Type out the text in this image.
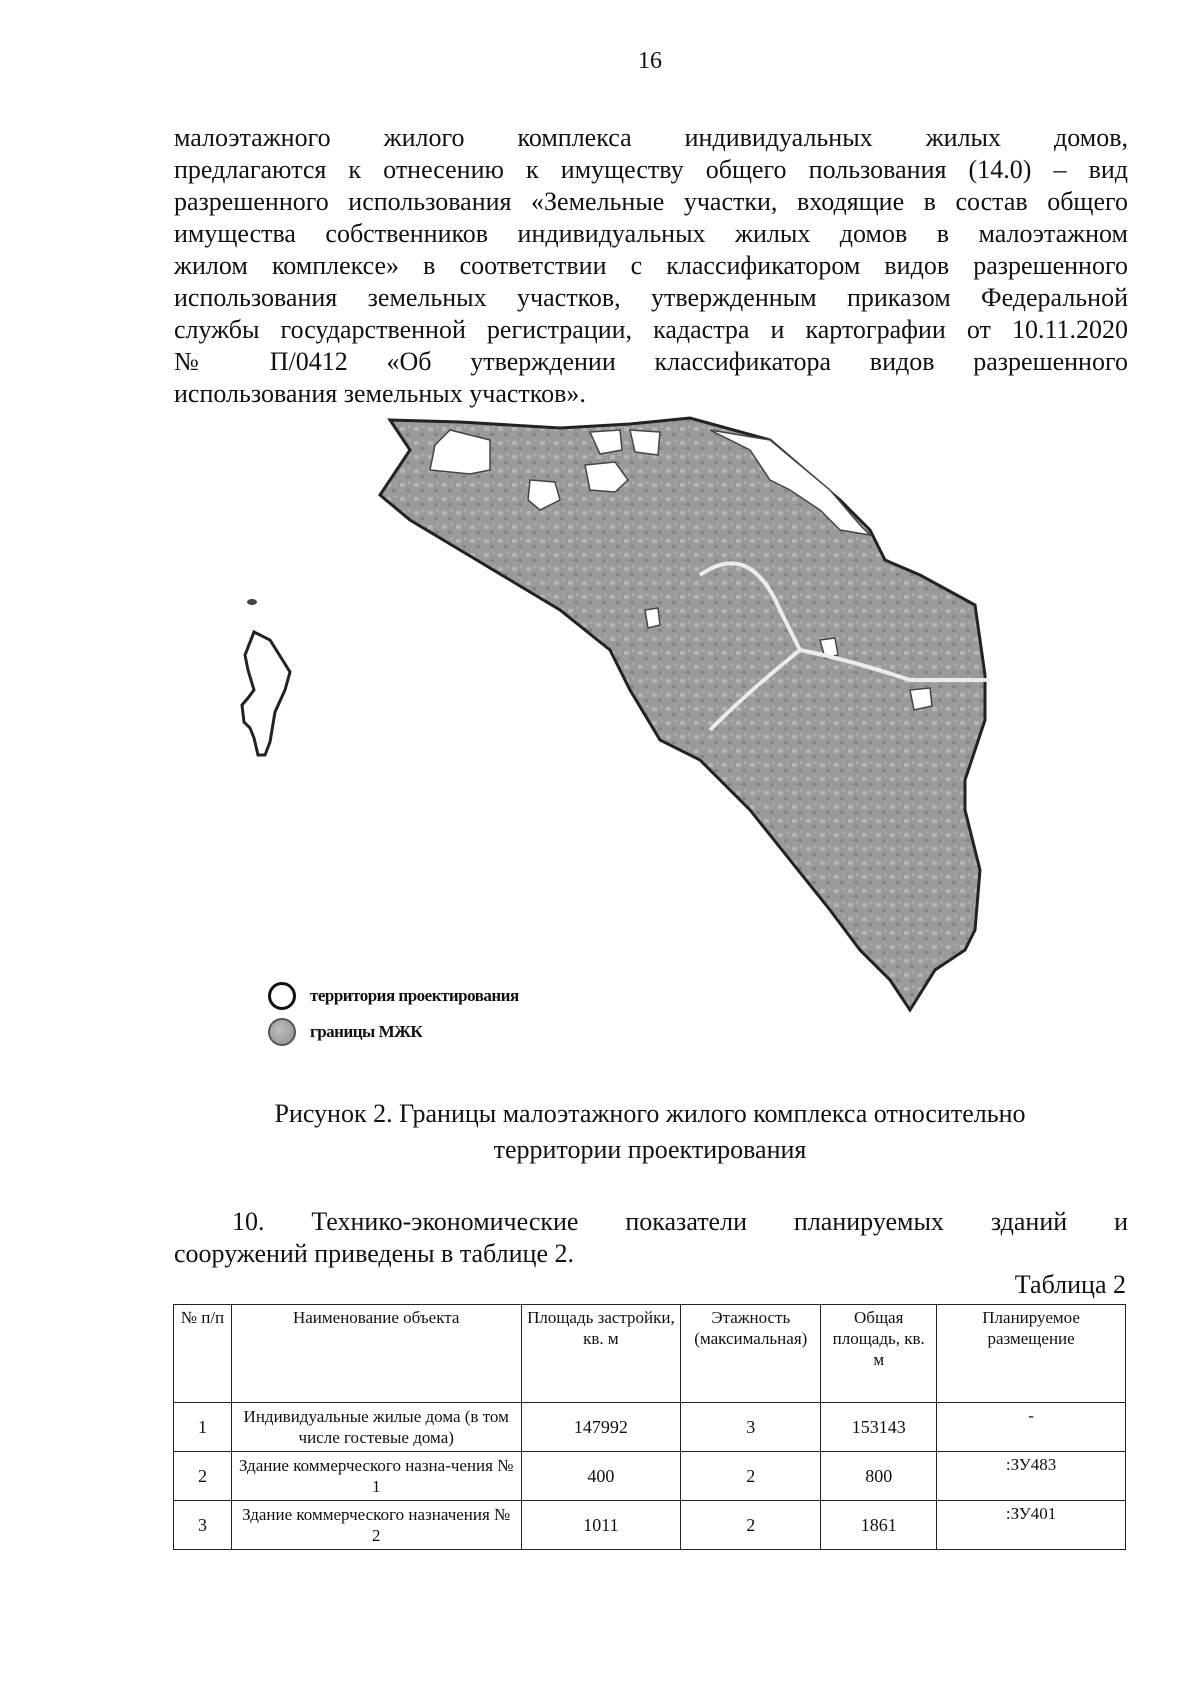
16
малоэтажного жилого комплекса индивидуальных жилых домов,
предлагаются к отнесению к имуществу общего пользования (14.0) – вид
разрешенного использования «Земельные участки, входящие в состав общего
имущества собственников индивидуальных жилых домов в малоэтажном
жилом комплексе» в соответствии с классификатором видов разрешенного
использования земельных участков, утвержденным приказом Федеральной
службы государственной регистрации, кадастра и картографии от 10.11.2020
№ П/0412 «Об утверждении классификатора видов разрешенного
использования земельных участков».
территория проектирования
границы МЖК
Рисунок 2. Границы малоэтажного жилого комплекса относительно
территории проектирования
10. Технико-экономические показатели планируемых зданий и
сооружений приведены в таблице 2.
Таблица 2
№ п/п	Наименование объекта	Площадь застройки, кв. м	Этажность (максимальная)	Общая площадь, кв. м	Планируемое размещение
1	Индивидуальные жилые дома (в том числе гостевые дома)	147992	3	153143	-
2	Здание коммерческого назна-чения № 1	400	2	800	:ЗУ483
3	Здание коммерческого назначения № 2	1011	2	1861	:ЗУ401
